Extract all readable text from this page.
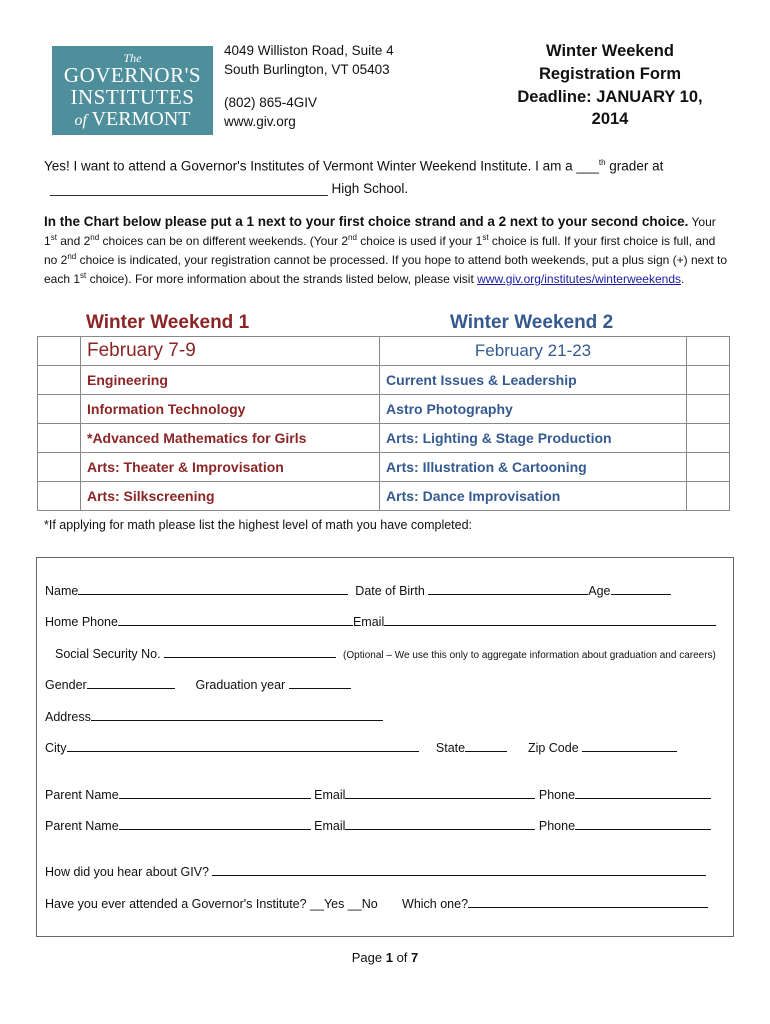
The
GOVERNOR'S
INSTITUTES
of VERMONT
4049 Williston Road, Suite 4
South Burlington, VT 05403
(802) 865-4GIV
www.giv.org
Winter Weekend
Registration Form
Deadline: JANUARY 10,
2014
Yes! I want to attend a Governor's Institutes of Vermont Winter Weekend Institute. I am a ___$^{th}$ grader at
_____________________________________ High School.
In the Chart below please put a 1 next to your first choice strand and a 2 next to your second choice. Your 1st and 2nd choices can be on different weekends. (Your 2nd choice is used if your 1st choice is full. If your first choice is full, and no 2nd choice is indicated, your registration cannot be processed. If you hope to attend both weekends, put a plus sign (+) next to each 1st choice). For more information about the strands listed below, please visit www.giv.org/institutes/winterweekends.
Winter Weekend 1	Winter Weekend 2
	February 7-9	February 21-23	
	Engineering	Current Issues & Leadership	
	Information Technology	Astro Photography	
	*Advanced Mathematics for Girls	Arts: Lighting & Stage Production	
	Arts: Theater & Improvisation	Arts: Illustration & Cartooning	
	Arts: Silkscreening	Arts: Dance Improvisation	
*If applying for math please list the highest level of math you have completed:
Name	Date of Birth	Age
Home Phone	Email
Social Security No.	(Optional – We use this only to aggregate information about graduation and careers)
Gender	Graduation year
Address
City	State	Zip Code
Parent Name	Email	Phone
Parent Name	Email	Phone
How did you hear about GIV?
Have you ever attended a Governor's Institute? __Yes __No Which one?
Page 1 of 7
